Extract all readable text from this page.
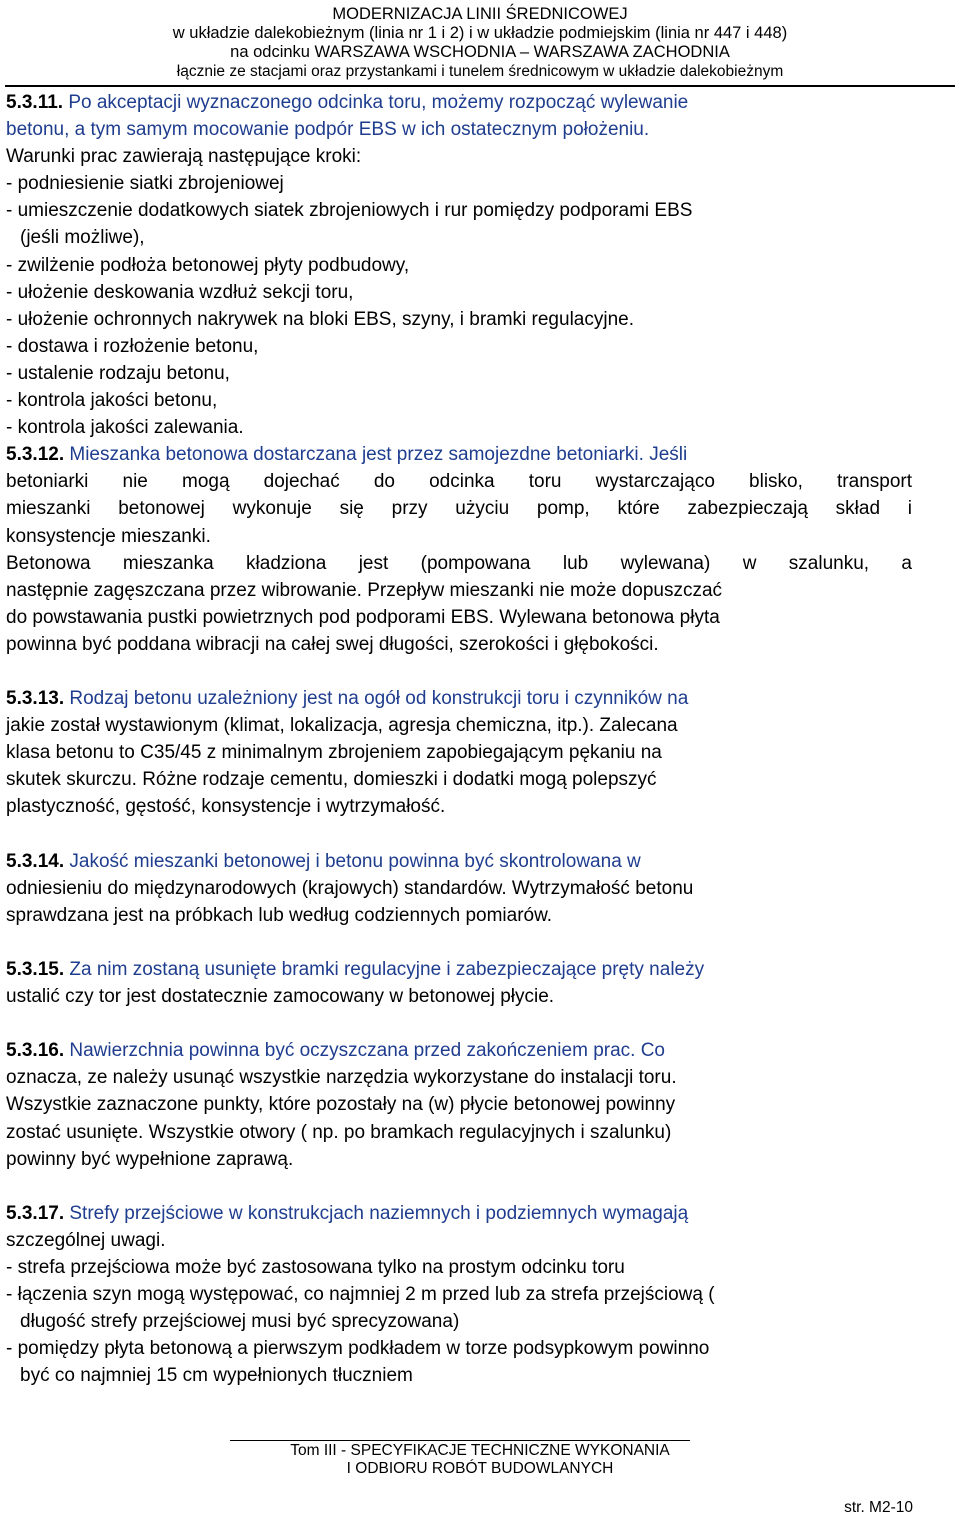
MODERNIZACJA LINII ŚREDNICOWEJ
w układzie dalekobieżnym (linia nr 1 i 2) i w układzie podmiejskim (linia nr 447 i 448)
na odcinku WARSZAWA WSCHODNIA – WARSZAWA ZACHODNIA
łącznie ze stacjami oraz przystankami i tunelem średnicowym w układzie dalekobieżnym
5.3.11. Po akceptacji wyznaczonego odcinka toru, możemy rozpocząć wylewanie
betonu, a tym samym mocowanie podpór EBS w ich ostatecznym położeniu.
Warunki prac zawierają następujące kroki:
- podniesienie siatki zbrojeniowej
- umieszczenie dodatkowych siatek zbrojeniowych i rur pomiędzy podporami EBS
(jeśli możliwe),
- zwilżenie podłoża betonowej płyty podbudowy,
- ułożenie deskowania wzdłuż sekcji toru,
- ułożenie ochronnych nakrywek na bloki EBS, szyny, i bramki regulacyjne.
- dostawa i rozłożenie betonu,
- ustalenie rodzaju betonu,
- kontrola jakości betonu,
- kontrola jakości zalewania.
5.3.12. Mieszanka betonowa dostarczana jest przez samojezdne betoniarki. Jeśli
betoniarki nie mogą dojechać do odcinka toru wystarczająco blisko, transport
mieszanki betonowej wykonuje się przy użyciu pomp, które zabezpieczają skład i
konsystencje mieszanki.
Betonowa mieszanka kładziona jest (pompowana lub wylewana) w szalunku, a
następnie zagęszczana przez wibrowanie. Przepływ mieszanki nie może dopuszczać
do powstawania pustki powietrznych pod podporami EBS. Wylewana betonowa płyta
powinna być poddana wibracji na całej swej długości, szerokości i głębokości.
5.3.13. Rodzaj betonu uzależniony jest na ogół od konstrukcji toru i czynników na
jakie został wystawionym (klimat, lokalizacja, agresja chemiczna, itp.). Zalecana
klasa betonu to C35/45 z minimalnym zbrojeniem zapobiegającym pękaniu na
skutek skurczu. Różne rodzaje cementu, domieszki i dodatki mogą polepszyć
plastyczność, gęstość, konsystencje i wytrzymałość.
5.3.14. Jakość mieszanki betonowej i betonu powinna być skontrolowana w
odniesieniu do międzynarodowych (krajowych) standardów. Wytrzymałość betonu
sprawdzana jest na próbkach lub według codziennych pomiarów.
5.3.15. Za nim zostaną usunięte bramki regulacyjne i zabezpieczające pręty należy
ustalić czy tor jest dostatecznie zamocowany w betonowej płycie.
5.3.16. Nawierzchnia powinna być oczyszczana przed zakończeniem prac. Co
oznacza, ze należy usunąć wszystkie narzędzia wykorzystane do instalacji toru.
Wszystkie zaznaczone punkty, które pozostały na (w) płycie betonowej powinny
zostać usunięte. Wszystkie otwory ( np. po bramkach regulacyjnych i szalunku)
powinny być wypełnione zaprawą.
5.3.17. Strefy przejściowe w konstrukcjach naziemnych i podziemnych wymagają
szczególnej uwagi.
- strefa przejściowa może być zastosowana tylko na prostym odcinku toru
- łączenia szyn mogą występować, co najmniej 2 m przed lub za strefa przejściową (
długość strefy przejściowej musi być sprecyzowana)
- pomiędzy płyta betonową a pierwszym podkładem w torze podsypkowym powinno
być co najmniej 15 cm wypełnionych tłuczniem
Tom III - SPECYFIKACJE TECHNICZNE WYKONANIA
I ODBIORU ROBÓT BUDOWLANYCH
str. M2-10
